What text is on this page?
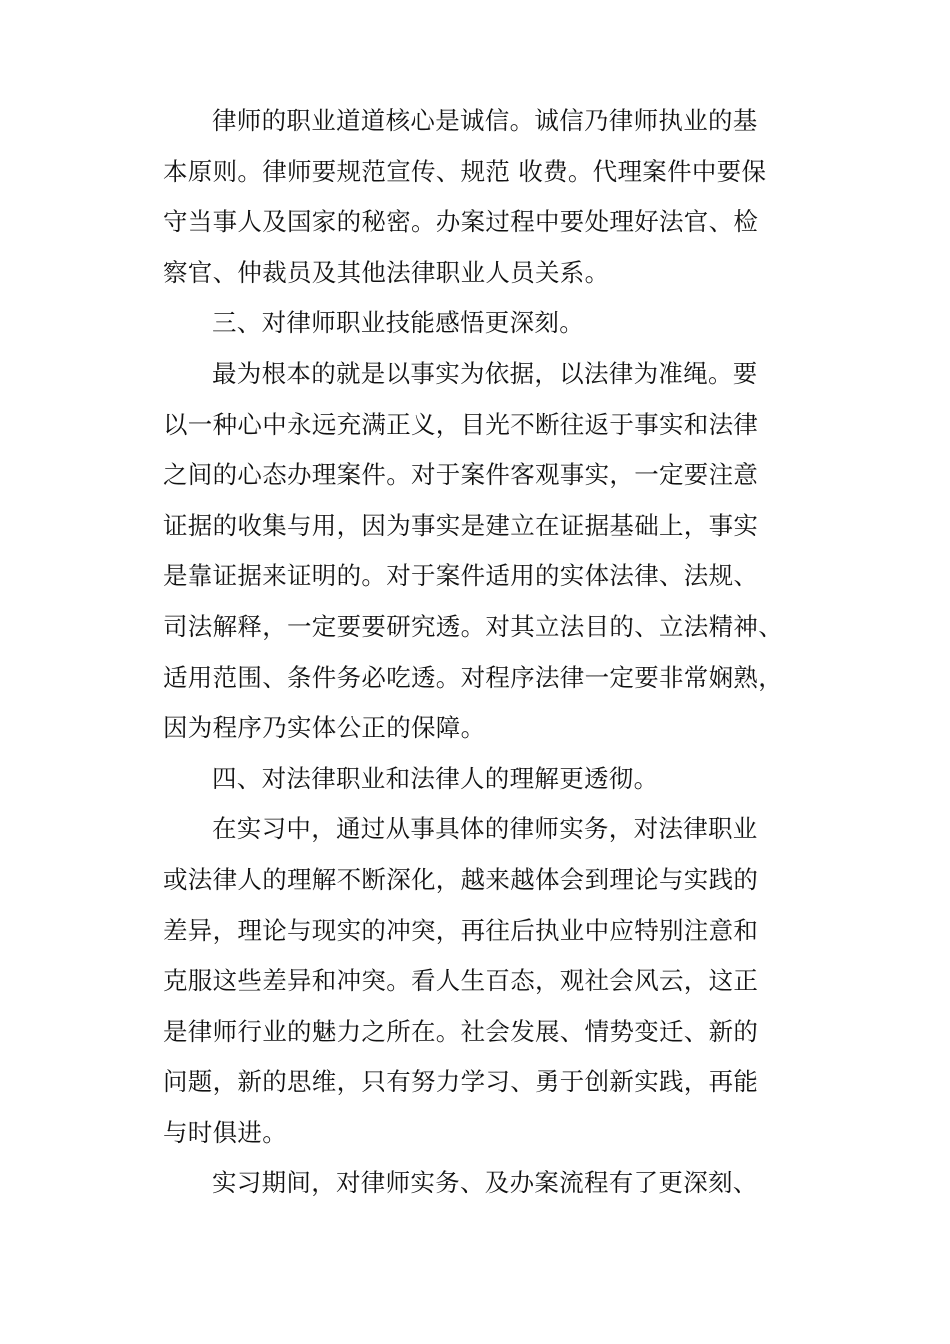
律师的职业道道核心是诚信。诚信乃律师执业的基
本原则。律师要规范宣传、规范 收费。代理案件中要保
守当事人及国家的秘密。办案过程中要处理好法官、检
察官、仲裁员及其他法律职业人员关系。
三、对律师职业技能感悟更深刻。
最为根本的就是以事实为依据，以法律为准绳。要
以一种心中永远充满正义，目光不断往返于事实和法律
之间的心态办理案件。对于案件客观事实，一定要注意
证据的收集与用，因为事实是建立在证据基础上，事实
是靠证据来证明的。对于案件适用的实体法律、法规、
司法解释，一定要要研究透。对其立法目的、立法精神、
适用范围、条件务必吃透。对程序法律一定要非常娴熟，
因为程序乃实体公正的保障。
四、对法律职业和法律人的理解更透彻。
在实习中，通过从事具体的律师实务，对法律职业
或法律人的理解不断深化，越来越体会到理论与实践的
差异，理论与现实的冲突，再往后执业中应特别注意和
克服这些差异和冲突。看人生百态，观社会风云，这正
是律师行业的魅力之所在。社会发展、情势变迁、新的
问题，新的思维，只有努力学习、勇于创新实践，再能
与时俱进。
实习期间，对律师实务、及办案流程有了更深刻、
